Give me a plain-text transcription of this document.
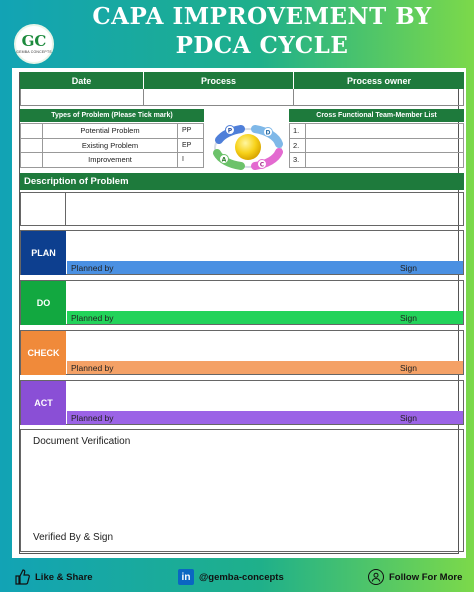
GC
GEMBA CONCEPTS
CAPA IMPROVEMENT BY
PDCA CYCLE
Date	Process	Process owner
Types of Problem (Please Tick mark)
	Potential Problem	PP
	Existing Problem	EP
	Improvement	I
P	D
C
A
Cross Functional Team-Member List
1.	
2.	
3.	
Description of Problem
PLAN
Planned by	Sign
DO
Planned by	Sign
CHECK
Planned by	Sign
ACT
Planned by	Sign
Document Verification
Verified By & Sign
Like & Share	in @gemba-concepts	Follow For More
